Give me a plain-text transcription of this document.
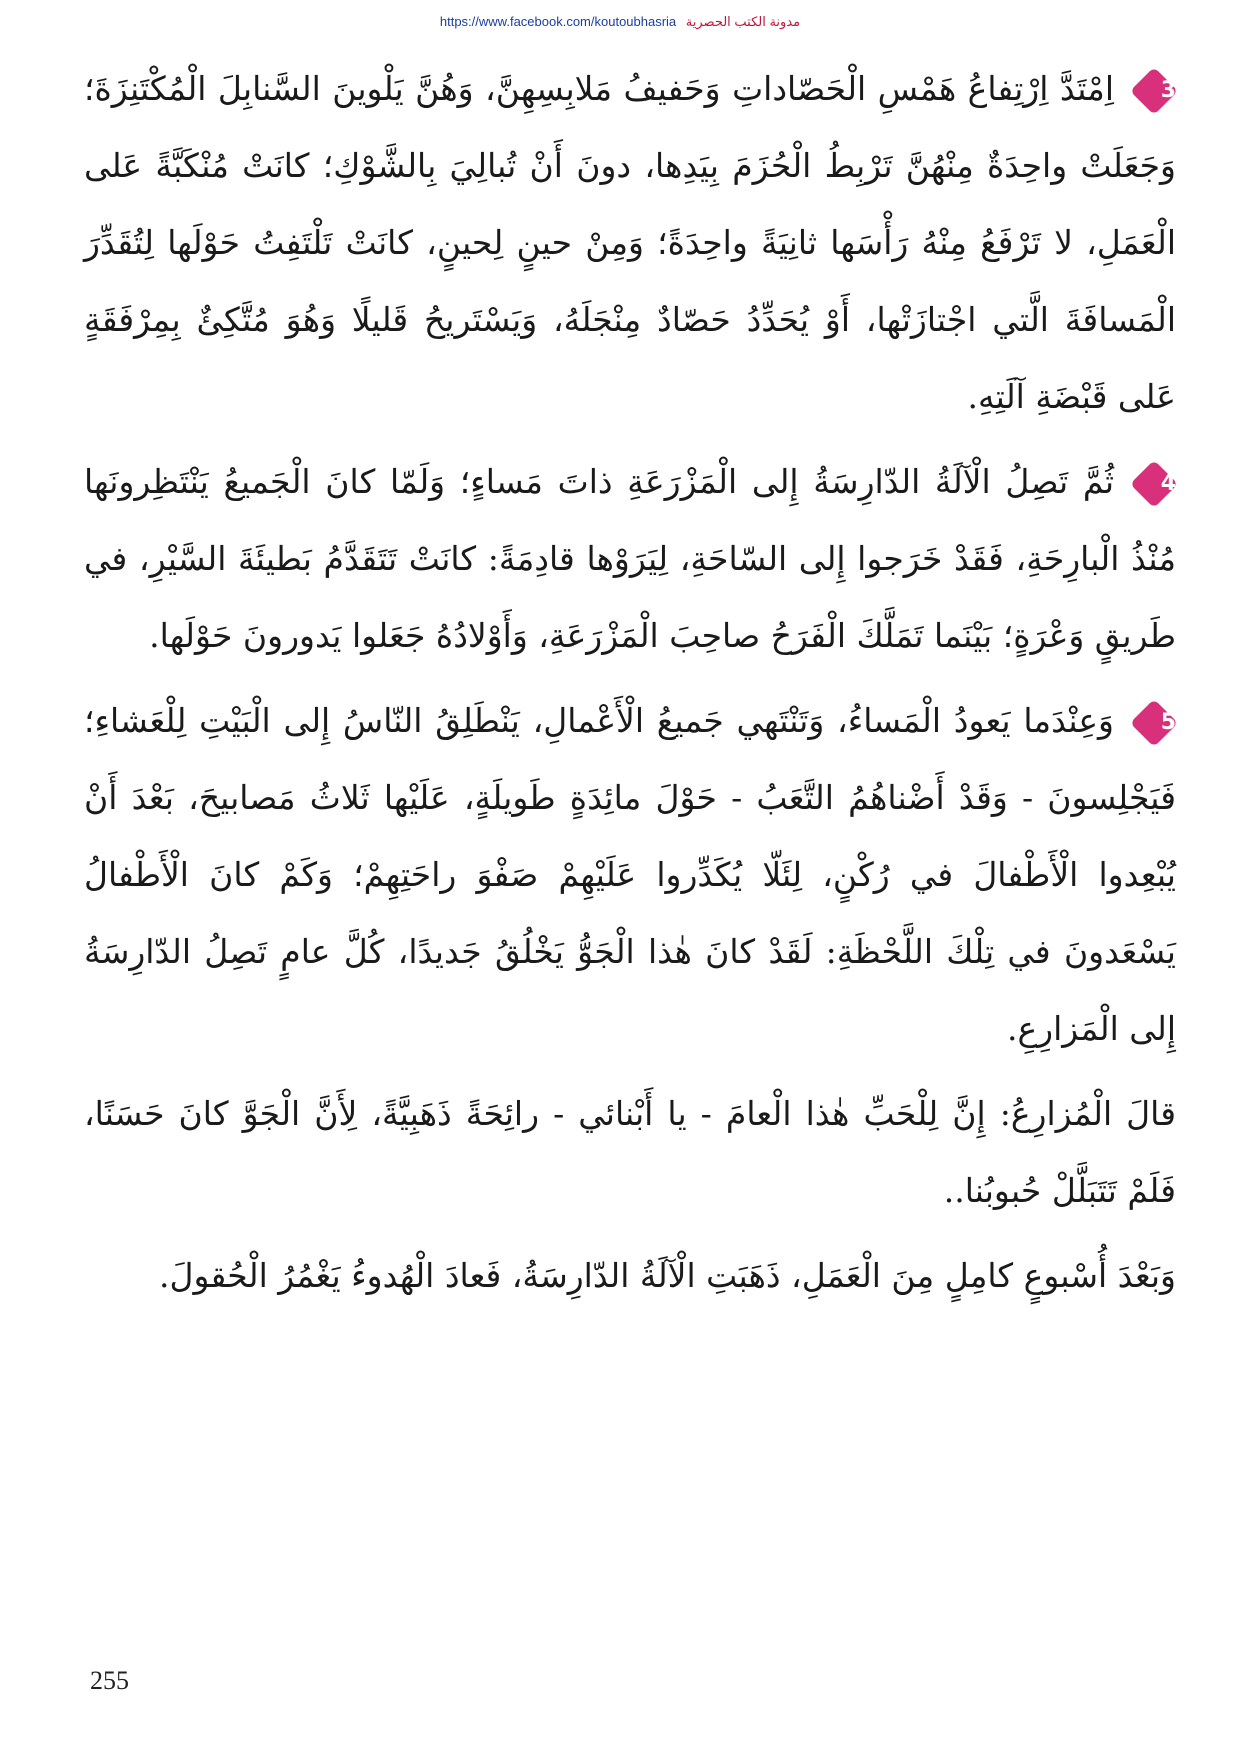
https://www.facebook.com/koutoubhasria مدونة الكتب الحصرية

3
اِمْتَدَّ اِرْتِفاعُ هَمْسِ الْحَصّاداتِ وَحَفيفُ مَلابِسِهِنَّ، وَهُنَّ يَلْوينَ السَّنابِلَ الْمُكْتَنِزَةَ؛ وَجَعَلَتْ واحِدَةٌ مِنْهُنَّ تَرْبِطُ الْحُزَمَ بِيَدِها، دونَ أَنْ تُبالِيَ بِالشَّوْكِ؛ كانَتْ مُنْكَبَّةً عَلى الْعَمَلِ، لا تَرْفَعُ مِنْهُ رَأْسَها ثانِيَةً واحِدَةً؛ وَمِنْ حينٍ لِحينٍ، كانَتْ تَلْتَفِتُ حَوْلَها لِتُقَدِّرَ الْمَسافَةَ الَّتي اجْتازَتْها، أَوْ يُحَدِّدُ حَصّادٌ مِنْجَلَهُ، وَيَسْتَريحُ قَليلًا وَهُوَ مُتَّكِئٌ بِمِرْفَقَةٍ عَلى قَبْضَةِ آلَتِهِ.

4
ثُمَّ تَصِلُ الْآلَةُ الدّارِسَةُ إِلى الْمَزْرَعَةِ ذاتَ مَساءٍ؛ وَلَمّا كانَ الْجَميعُ يَنْتَظِرونَها مُنْذُ الْبارِحَةِ، فَقَدْ خَرَجوا إِلى السّاحَةِ، لِيَرَوْها قادِمَةً: كانَتْ تَتَقَدَّمُ بَطيئَةَ السَّيْرِ، في طَريقٍ وَعْرَةٍ؛ بَيْنَما تَمَلَّكَ الْفَرَحُ صاحِبَ الْمَزْرَعَةِ، وَأَوْلادُهُ جَعَلوا يَدورونَ حَوْلَها.

5
وَعِنْدَما يَعودُ الْمَساءُ، وَتَنْتَهي جَميعُ الْأَعْمالِ، يَنْطَلِقُ النّاسُ إِلى الْبَيْتِ لِلْعَشاءِ؛ فَيَجْلِسونَ - وَقَدْ أَضْناهُمُ التَّعَبُ - حَوْلَ مائِدَةٍ طَويلَةٍ، عَلَيْها ثَلاثُ مَصابيحَ، بَعْدَ أَنْ يُبْعِدوا الْأَطْفالَ في رُكْنٍ، لِئَلّا يُكَدِّروا عَلَيْهِمْ صَفْوَ راحَتِهِمْ؛ وَكَمْ كانَ الْأَطْفالُ يَسْعَدونَ في تِلْكَ اللَّحْظَةِ: لَقَدْ كانَ هٰذا الْجَوُّ يَخْلُقُ جَديدًا، كُلَّ عامٍ تَصِلُ الدّارِسَةُ إِلى الْمَزارِعِ.

قالَ الْمُزارِعُ: إِنَّ لِلْحَبِّ هٰذا الْعامَ - يا أَبْنائي - رائِحَةً ذَهَبِيَّةً، لِأَنَّ الْجَوَّ كانَ حَسَنًا، فَلَمْ تَتَبَلَّلْ حُبوبُنا..

وَبَعْدَ أُسْبوعٍ كامِلٍ مِنَ الْعَمَلِ، ذَهَبَتِ الْآلَةُ الدّارِسَةُ، فَعادَ الْهُدوءُ يَغْمُرُ الْحُقولَ.

255
